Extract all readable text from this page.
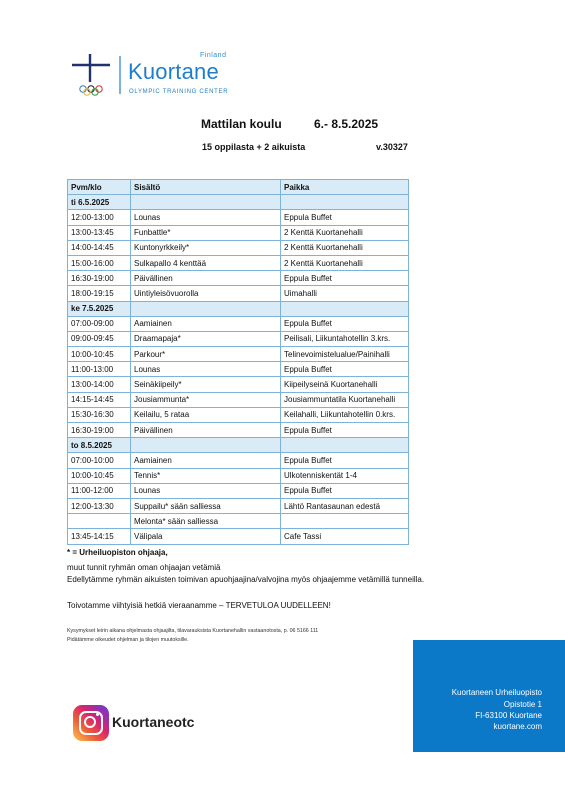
Finland
Kuortane
OLYMPIC TRAINING CENTER
Mattilan koulu	6.- 8.5.2025
15 oppilasta + 2 aikuista	v.30327
Pvm/klo	Sisältö	Paikka
ti 6.5.2025		
12:00-13:00	Lounas	Eppula Buffet
13:00-13:45	Funbattle*	2 Kenttä Kuortanehalli
14:00-14:45	Kuntonyrkkeily*	2 Kenttä Kuortanehalli
15:00-16:00	Sulkapallo 4 kenttää	2 Kenttä Kuortanehalli
16:30-19:00	Päivällinen	Eppula Buffet
18:00-19:15	Uintiyleisövuorolla	Uimahalli
ke 7.5.2025		
07:00-09:00	Aamiainen	Eppula Buffet
09:00-09:45	Draamapaja*	Peilisali, Liikuntahotellin 3.krs.
10:00-10:45	Parkour*	Telinevoimistelualue/Painihalli
11:00-13:00	Lounas	Eppula Buffet
13:00-14:00	Seinäkiipeily*	Kiipeilyseinä Kuortanehalli
14:15-14:45	Jousiammunta*	Jousiammuntatila Kuortanehalli
15:30-16:30	Keilailu, 5 rataa	Keilahalli, Liikuntahotellin 0.krs.
16:30-19:00	Päivällinen	Eppula Buffet
to 8.5.2025		
07:00-10:00	Aamiainen	Eppula Buffet
10:00-10:45	Tennis*	Ulkotenniskentät 1-4
11:00-12:00	Lounas	Eppula Buffet
12:00-13:30	Suppailu* sään salliessa	Lähtö Rantasaunan edestä
	Melonta* sään salliessa	
13:45-14:15	Välipala	Cafe Tassi
* = Urheiluopiston ohjaaja,
muut tunnit ryhmän oman ohjaajan vetämiä
Edellytämme ryhmän aikuisten toimivan apuohjaajina/valvojina myös ohjaajemme vetämillä tunneilla.
Toivotamme viihtyisiä hetkiä vieraanamme – TERVETULOA UUDELLEEN!
Kysymykset leirin aikana ohjelmasta ohjaajilta, tilavarauksista Kuortanehallin vastaanotosta, p. 06 5166 111
Pidätämme oikeudet ohjelman ja tilojen muutoksille.
Kuortaneen Urheiluopisto
Opistotie 1
FI-63100 Kuortane
kuortane.com
Kuortaneotc
